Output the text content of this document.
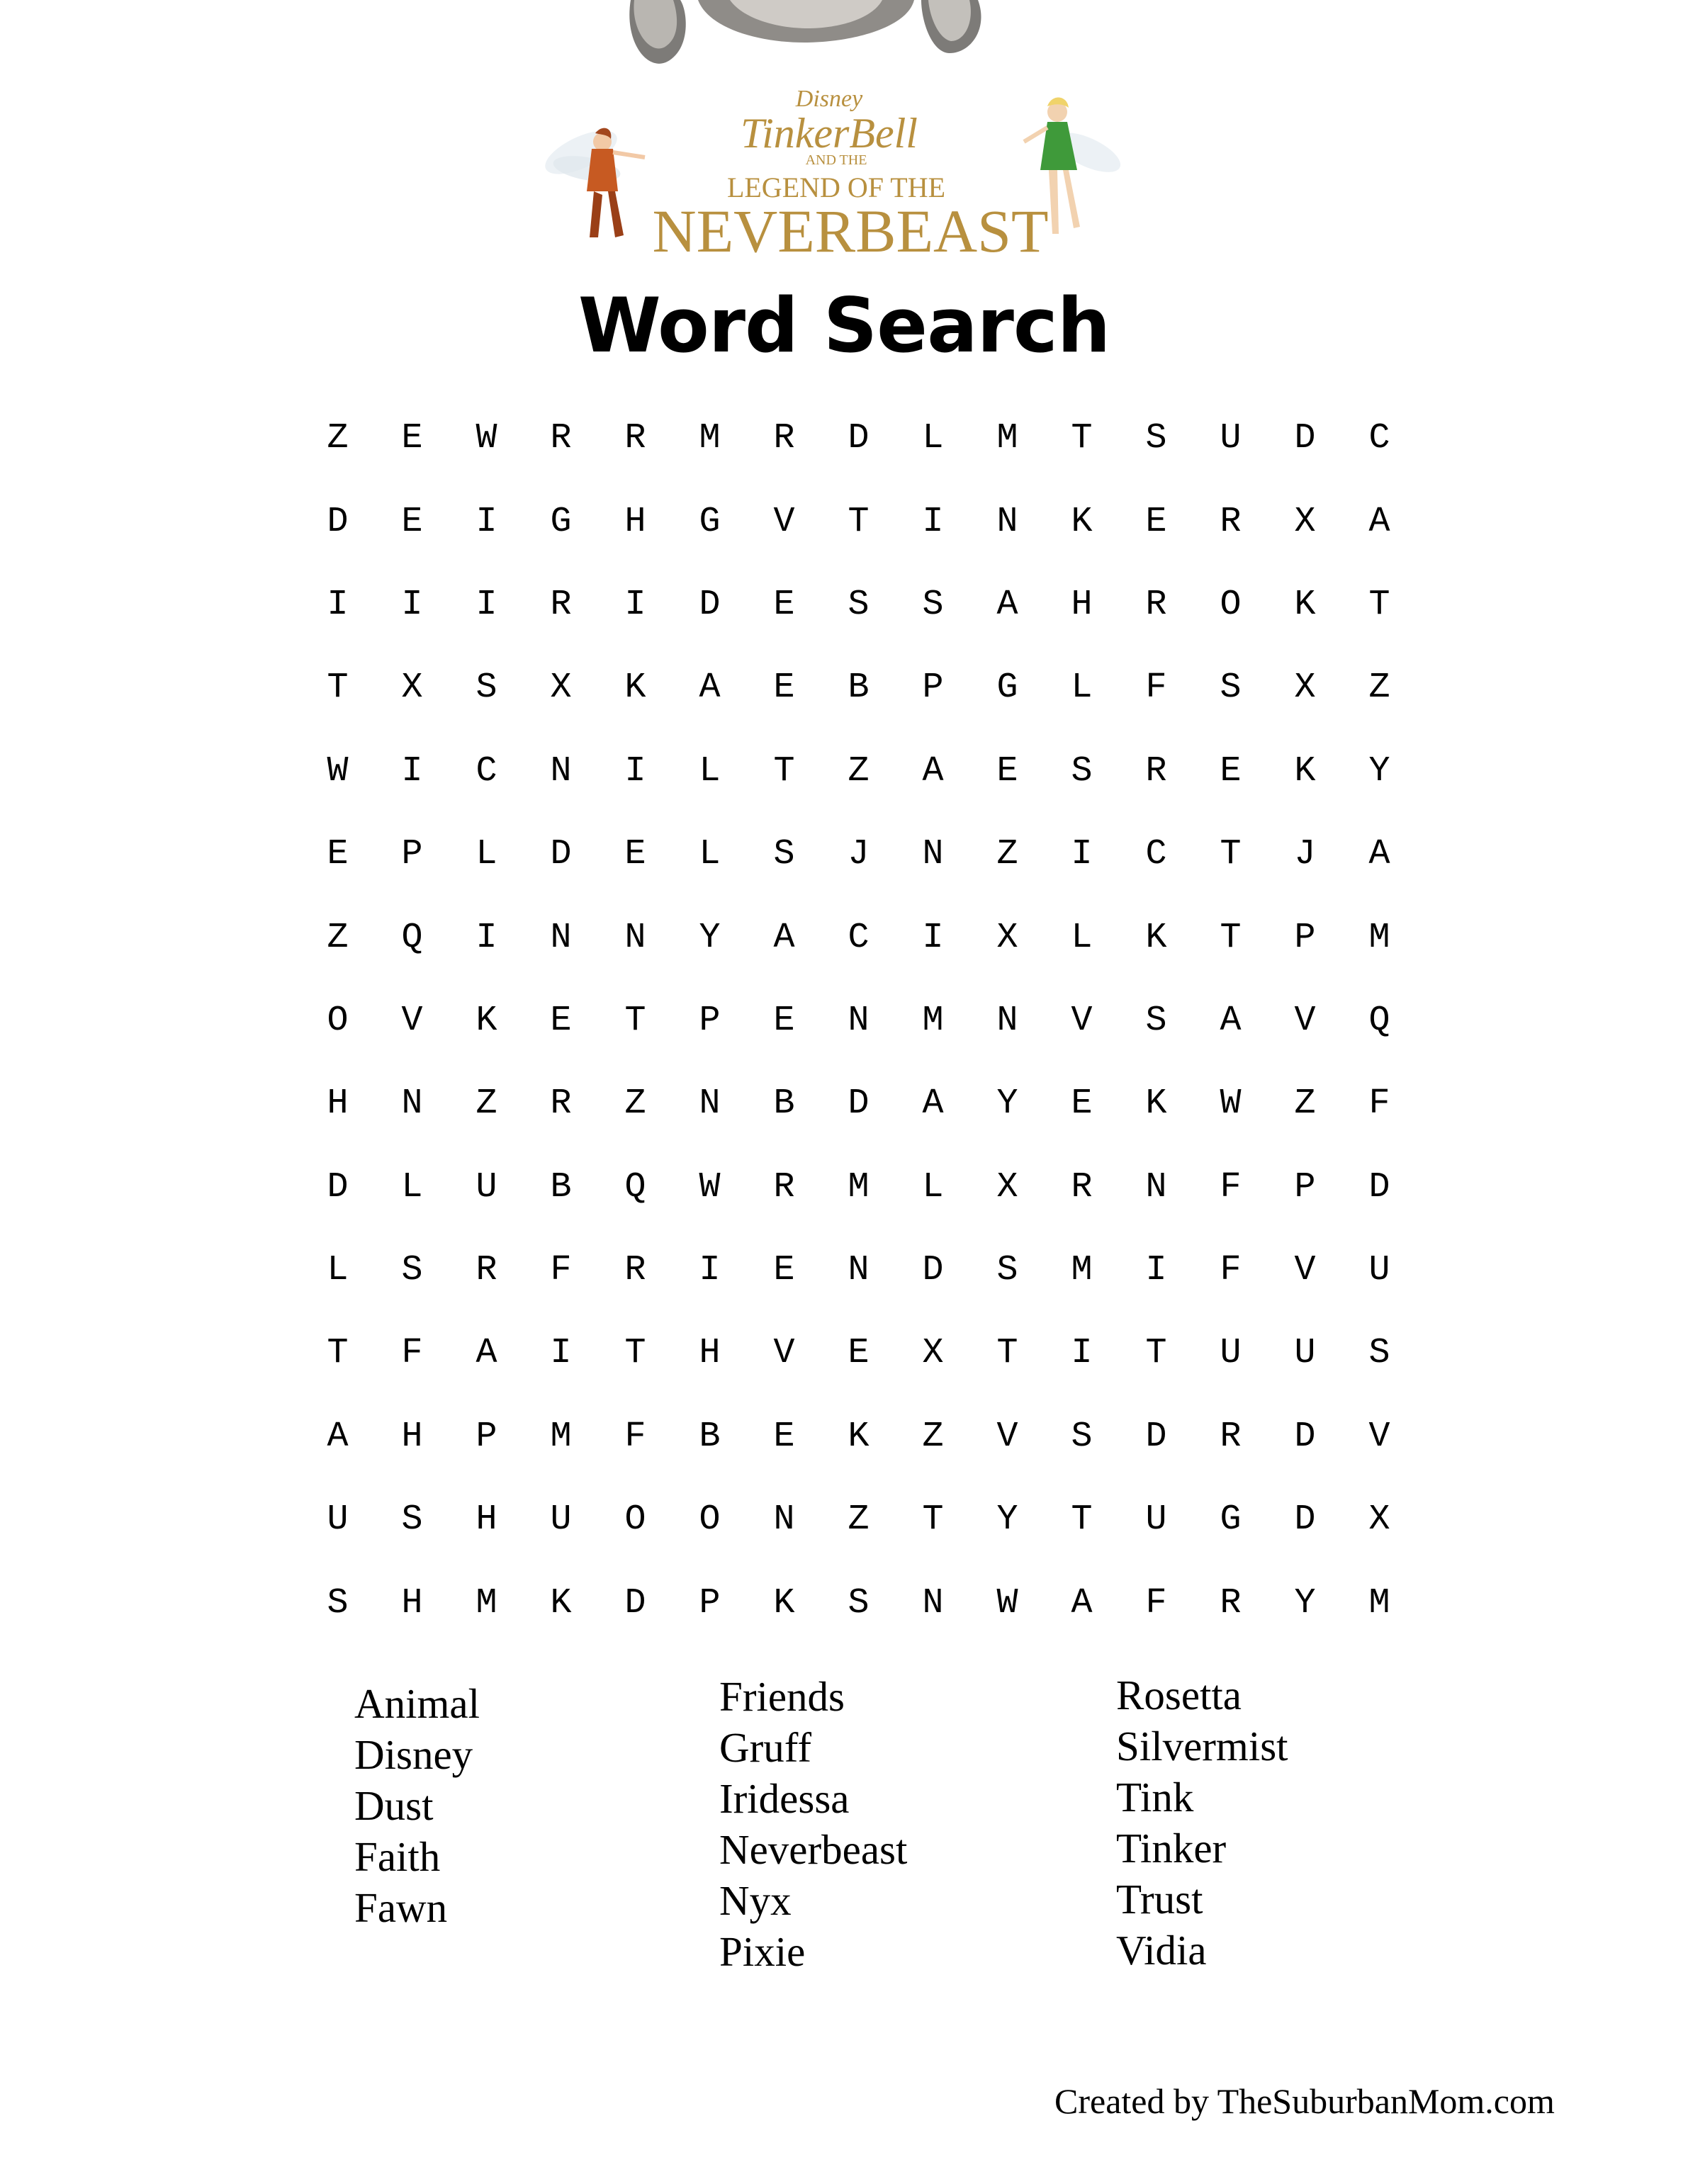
Disney
TinkerBell
AND THE
LEGEND OF THE
NEVERBEAST
Word Search
Z	E	W	R	R	M	R	D	L	M	T	S	U	D	C
D	E	I	G	H	G	V	T	I	N	K	E	R	X	A
I	I	I	R	I	D	E	S	S	A	H	R	O	K	T
T	X	S	X	K	A	E	B	P	G	L	F	S	X	Z
W	I	C	N	I	L	T	Z	A	E	S	R	E	K	Y
E	P	L	D	E	L	S	J	N	Z	I	C	T	J	A
Z	Q	I	N	N	Y	A	C	I	X	L	K	T	P	M
O	V	K	E	T	P	E	N	M	N	V	S	A	V	Q
H	N	Z	R	Z	N	B	D	A	Y	E	K	W	Z	F
D	L	U	B	Q	W	R	M	L	X	R	N	F	P	D
L	S	R	F	R	I	E	N	D	S	M	I	F	V	U
T	F	A	I	T	H	V	E	X	T	I	T	U	U	S
A	H	P	M	F	B	E	K	Z	V	S	D	R	D	V
U	S	H	U	O	O	N	Z	T	Y	T	U	G	D	X
S	H	M	K	D	P	K	S	N	W	A	F	R	Y	M
Animal
Disney
Dust
Faith
Fawn
Friends
Gruff
Iridessa
Neverbeast
Nyx
Pixie
Rosetta
Silvermist
Tink
Tinker
Trust
Vidia
Created by TheSuburbanMom.com
